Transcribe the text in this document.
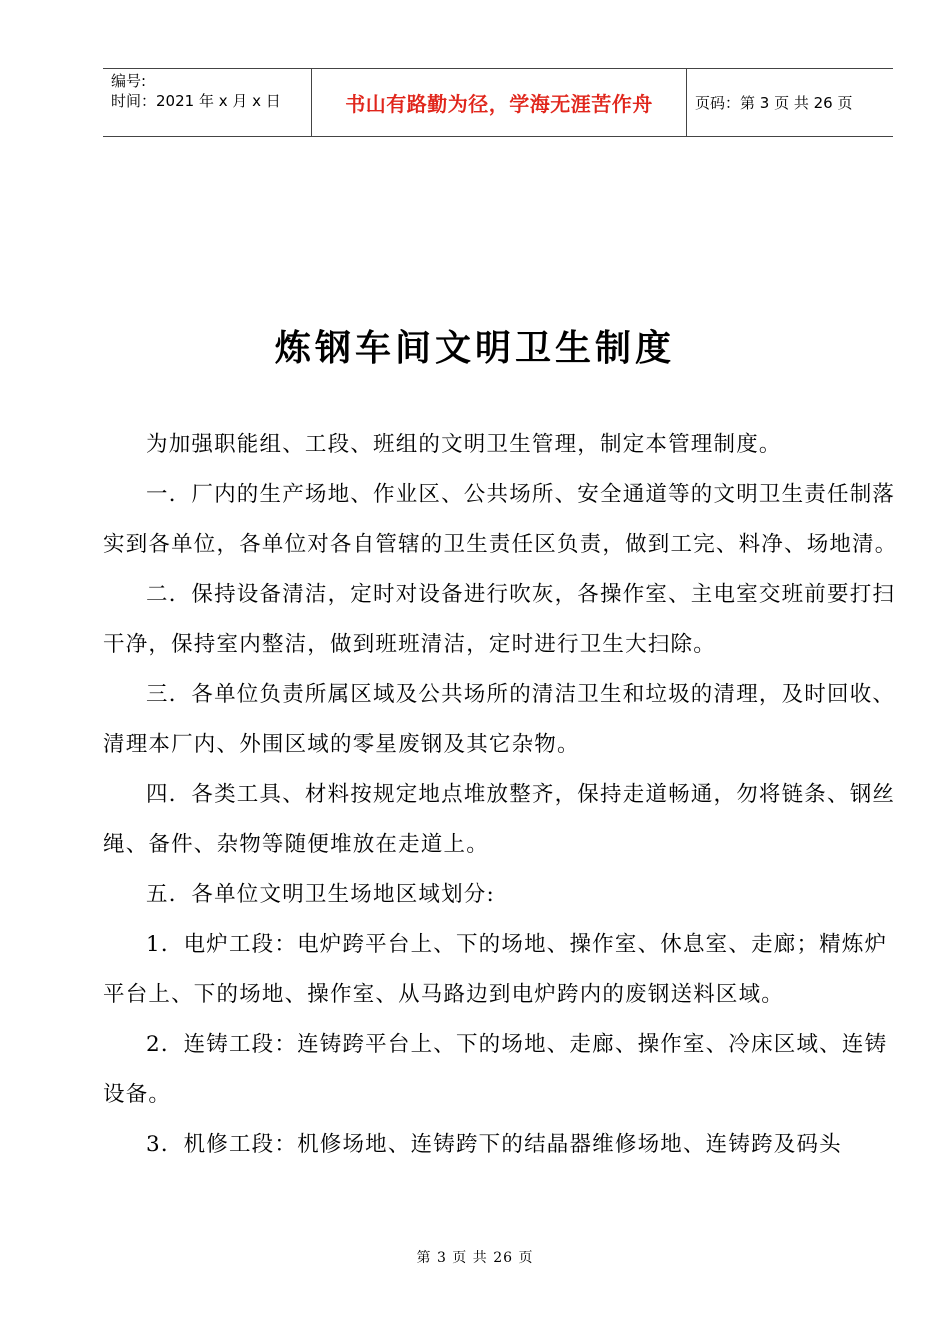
编号:
时间：2021 年 x 月 x 日	书山有路勤为径，学海无涯苦作舟	页码：第 3 页 共 26 页
炼钢车间文明卫生制度

为加强职能组、工段、班组的文明卫生管理，制定本管理制度。

一．厂内的生产场地、作业区、公共场所、安全通道等的文明卫生责任制落实到各单位，各单位对各自管辖的卫生责任区负责，做到工完、料净、场地清。

二．保持设备清洁，定时对设备进行吹灰，各操作室、主电室交班前要打扫干净，保持室内整洁，做到班班清洁，定时进行卫生大扫除。

三．各单位负责所属区域及公共场所的清洁卫生和垃圾的清理，及时回收、清理本厂内、外围区域的零星废钢及其它杂物。

四．各类工具、材料按规定地点堆放整齐，保持走道畅通，勿将链条、钢丝绳、备件、杂物等随便堆放在走道上。

五．各单位文明卫生场地区域划分:

1．电炉工段：电炉跨平台上、下的场地、操作室、休息室、走廊；精炼炉平台上、下的场地、操作室、从马路边到电炉跨内的废钢送料区域。

2．连铸工段：连铸跨平台上、下的场地、走廊、操作室、冷床区域、连铸设备。

3．机修工段：机修场地、连铸跨下的结晶器维修场地、连铸跨及码头

第 3 页 共 26 页
